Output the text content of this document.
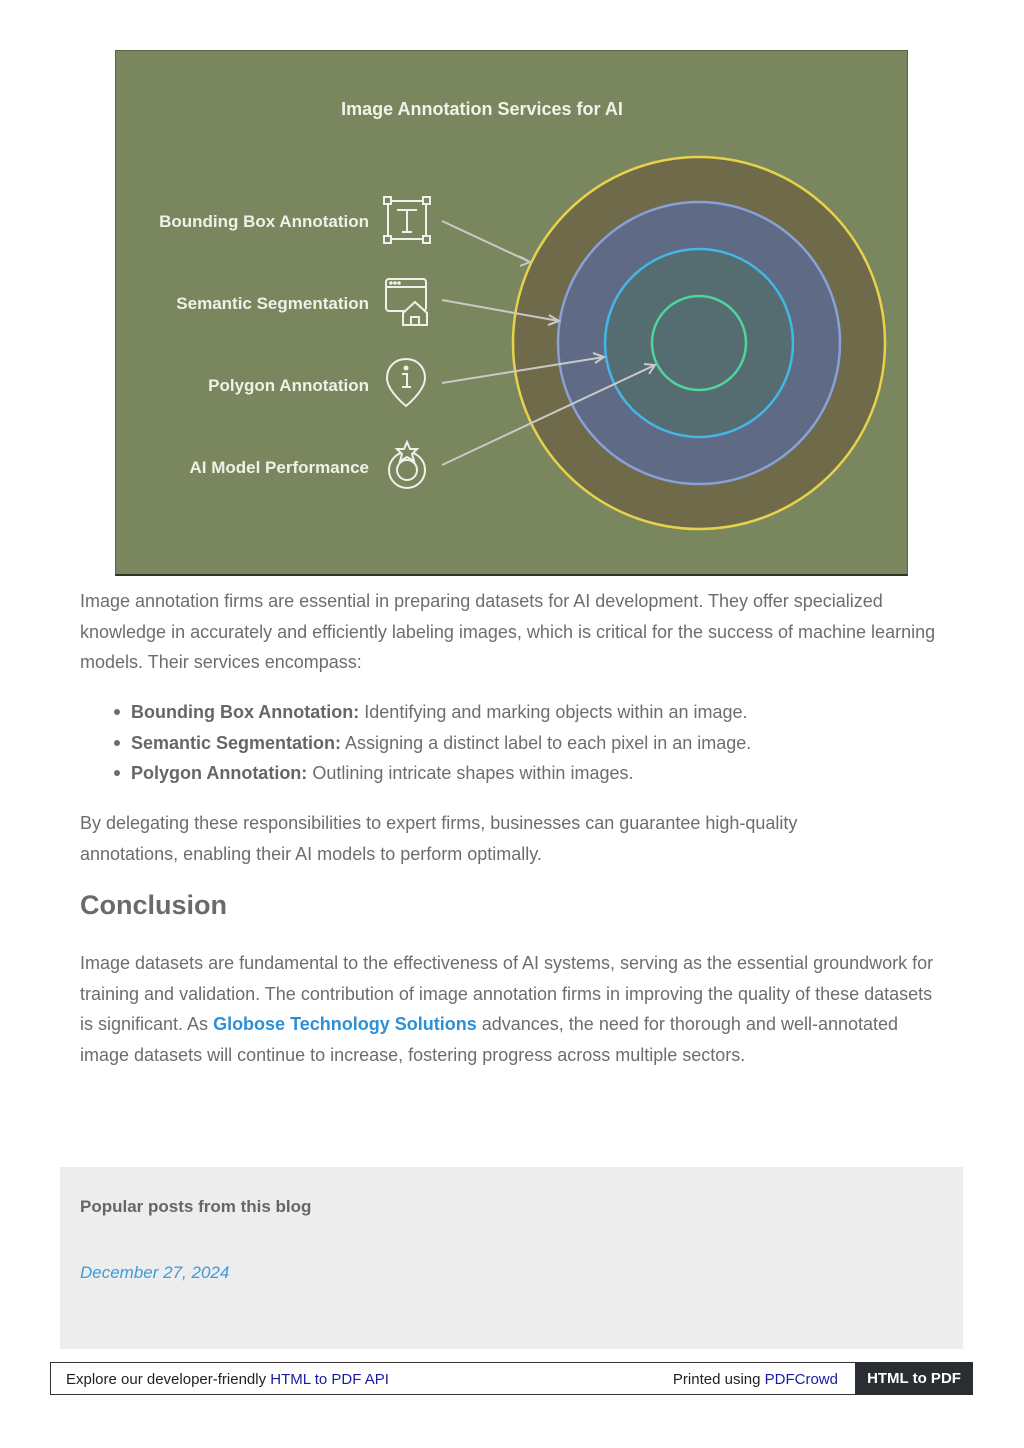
Image Annotation Services for AI
Bounding Box Annotation
Semantic Segmentation
Polygon Annotation
AI Model Performance

Image annotation firms are essential in preparing datasets for AI development. They offer specialized knowledge in accurately and efficiently labeling images, which is critical for the success of machine learning models. Their services encompass:

Bounding Box Annotation: Identifying and marking objects within an image.
Semantic Segmentation: Assigning a distinct label to each pixel in an image.
Polygon Annotation: Outlining intricate shapes within images.

By delegating these responsibilities to expert firms, businesses can guarantee high-quality annotations, enabling their AI models to perform optimally.

Conclusion

Image datasets are fundamental to the effectiveness of AI systems, serving as the essential groundwork for training and validation. The contribution of image annotation firms in improving the quality of these datasets is significant. As Globose Technology Solutions advances, the need for thorough and well-annotated image datasets will continue to increase, fostering progress across multiple sectors.

Popular posts from this blog
December 27, 2024
Explore our developer-friendly HTML to PDF API	Printed using PDFCrowd	HTML to PDF
